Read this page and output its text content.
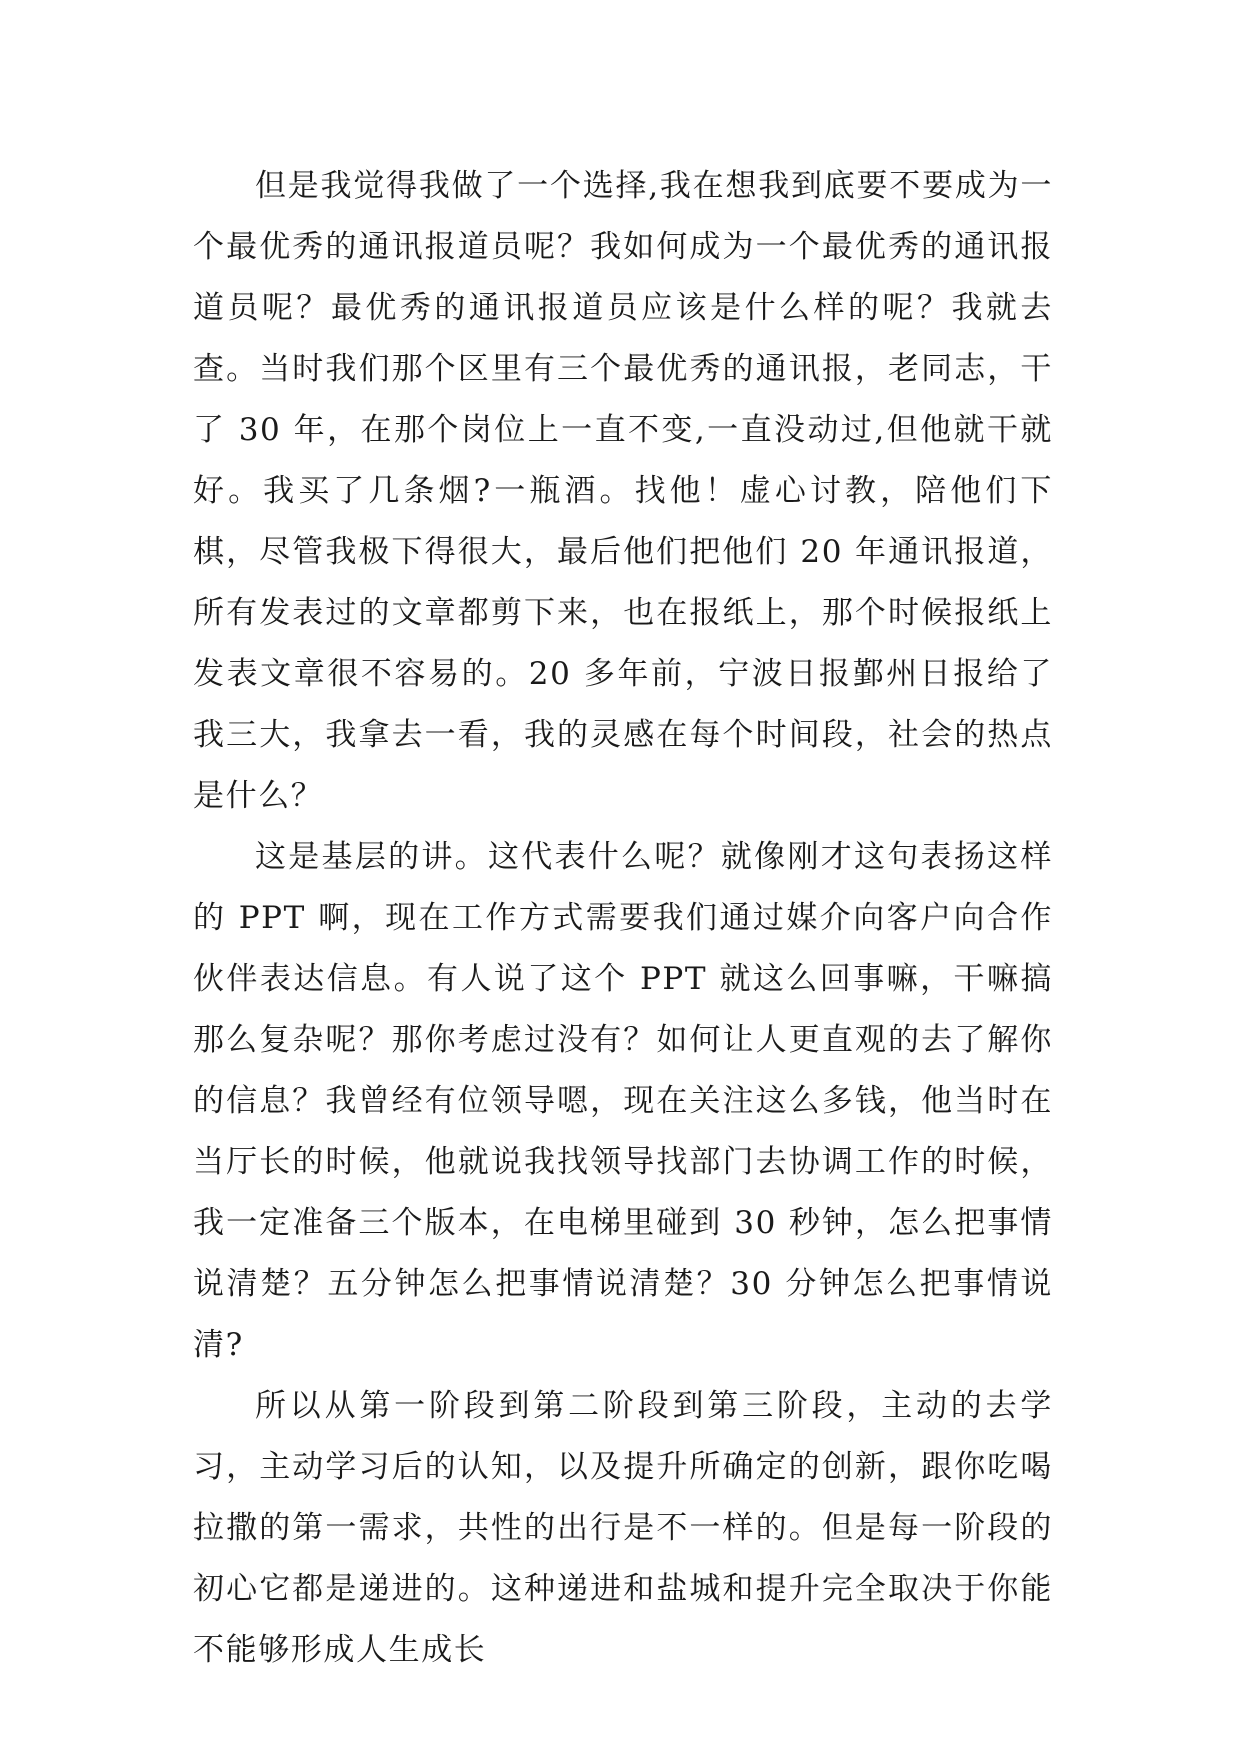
但是我觉得我做了一个选择,我在想我到底要不要成为一个最优秀的通讯报道员呢？我如何成为一个最优秀的通讯报道员呢？最优秀的通讯报道员应该是什么样的呢？我就去查。当时我们那个区里有三个最优秀的通讯报，老同志，干了 30 年，在那个岗位上一直不变,一直没动过,但他就干就好。我买了几条烟?一瓶酒。找他！虚心讨教，陪他们下棋，尽管我极下得很大，最后他们把他们 20 年通讯报道，所有发表过的文章都剪下来，也在报纸上，那个时候报纸上发表文章很不容易的。20 多年前，宁波日报鄞州日报给了我三大，我拿去一看，我的灵感在每个时间段，社会的热点是什么？

这是基层的讲。这代表什么呢？就像刚才这句表扬这样的 PPT 啊，现在工作方式需要我们通过媒介向客户向合作伙伴表达信息。有人说了这个 PPT 就这么回事嘛，干嘛搞那么复杂呢？那你考虑过没有？如何让人更直观的去了解你的信息？我曾经有位领导嗯，现在关注这么多钱，他当时在当厅长的时候，他就说我找领导找部门去协调工作的时候，我一定准备三个版本，在电梯里碰到 30 秒钟，怎么把事情说清楚？五分钟怎么把事情说清楚？30 分钟怎么把事情说清?

所以从第一阶段到第二阶段到第三阶段，主动的去学习，主动学习后的认知，以及提升所确定的创新，跟你吃喝拉撒的第一需求，共性的出行是不一样的。但是每一阶段的初心它都是递进的。这种递进和盐城和提升完全取决于你能不能够形成人生成长
